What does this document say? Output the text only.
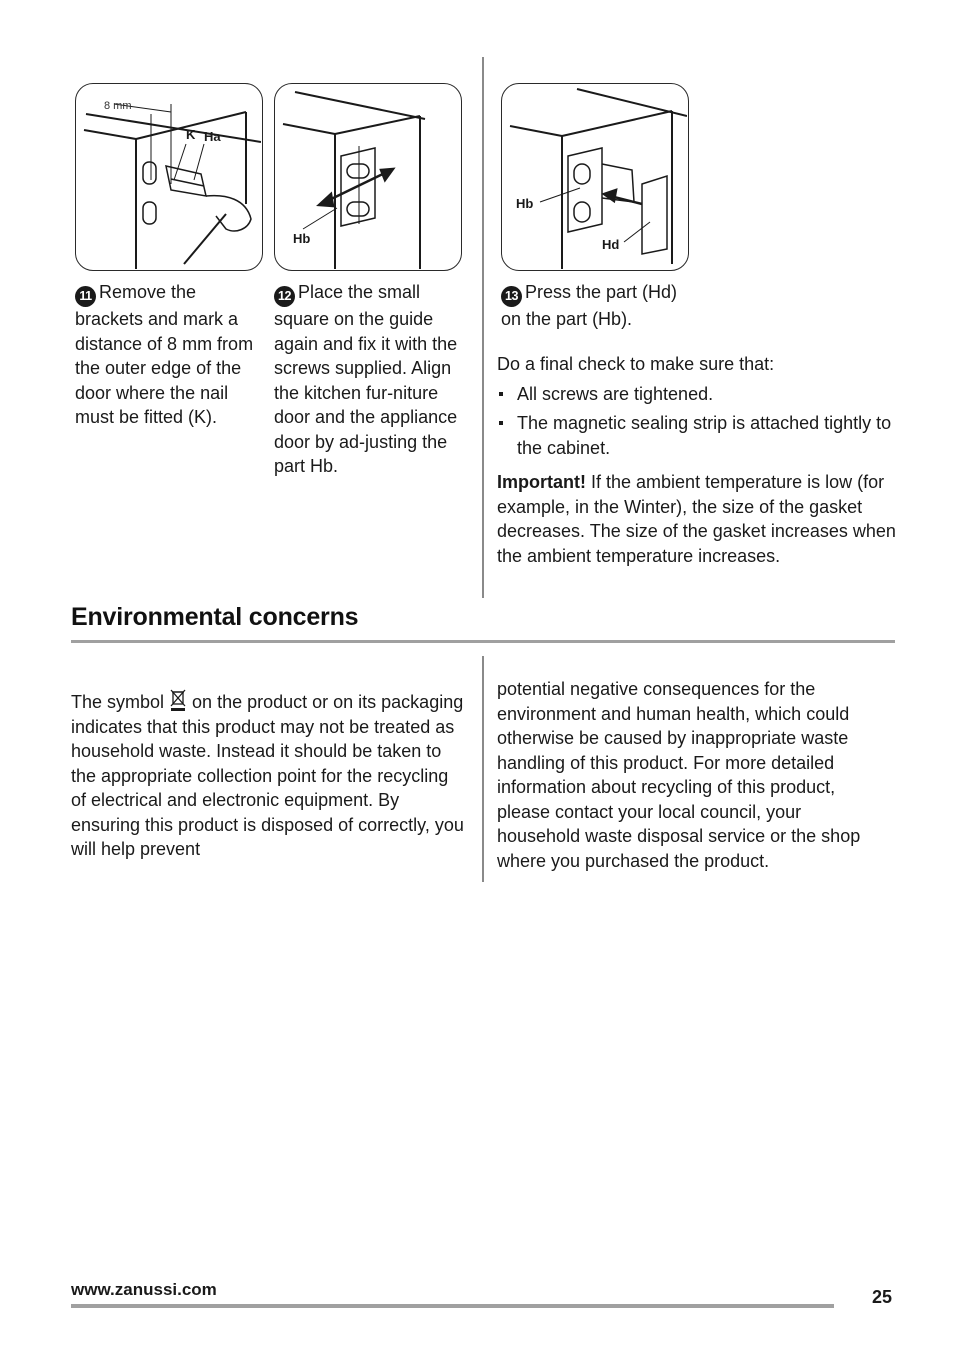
8 mm
K Ha
Hb
Hb
Hd
11 Remove the brackets and mark a distance of 8 mm from the outer edge of the door where the nail must be fitted (K).
12 Place the small square on the guide again and fix it with the screws supplied. Align the kitchen fur-niture door and the appliance door by ad-justing the part Hb.
13 Press the part (Hd) on the part (Hb).
Do a final check to make sure that:
All screws are tightened.
The magnetic sealing strip is attached tightly to the cabinet.
Important! If the ambient temperature is low (for example, in the Winter), the size of the gasket decreases. The size of the gasket increases when the ambient temperature increases.
Environmental concerns
The symbol  on the product or on its packaging indicates that this product may not be treated as household waste. Instead it should be taken to the appropriate collection point for the recycling of electrical and electronic equipment. By ensuring this product is disposed of correctly, you will help prevent
potential negative consequences for the environment and human health, which could otherwise be caused by inappropriate waste handling of this product. For more detailed information about recycling of this product, please contact your local council, your household waste disposal service or the shop where you purchased the product.
www.zanussi.com	25
